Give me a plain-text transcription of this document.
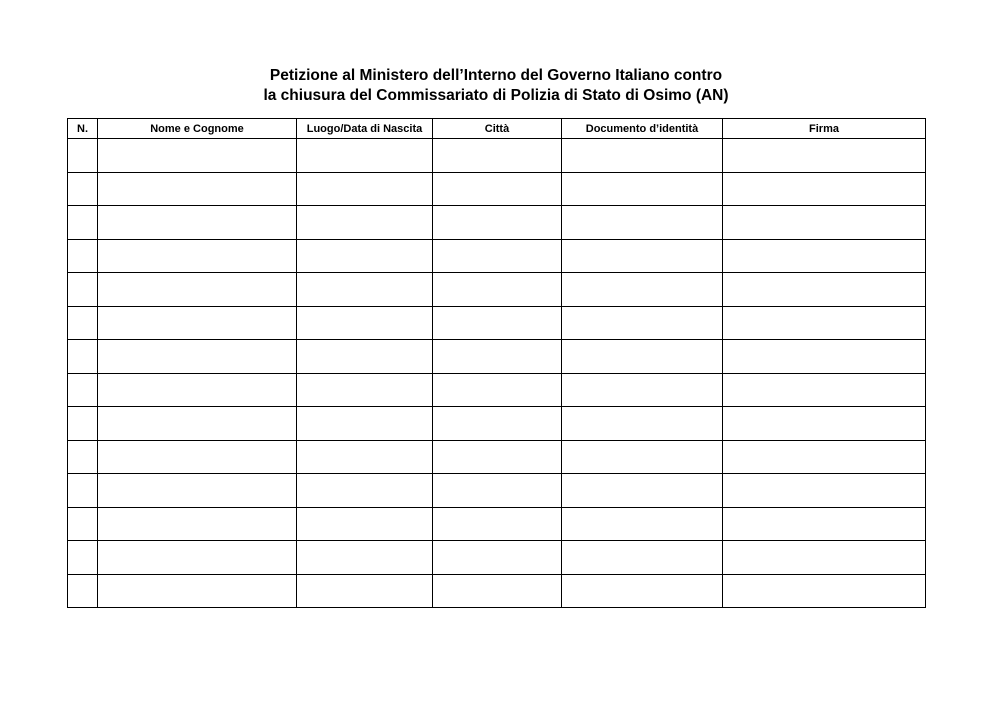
Petizione al Ministero dell’Interno del Governo Italiano contro
la chiusura del Commissariato di Polizia di Stato di Osimo (AN)
N.	Nome e Cognome	Luogo/Data di Nascita	Città	Documento d’identità	Firma
